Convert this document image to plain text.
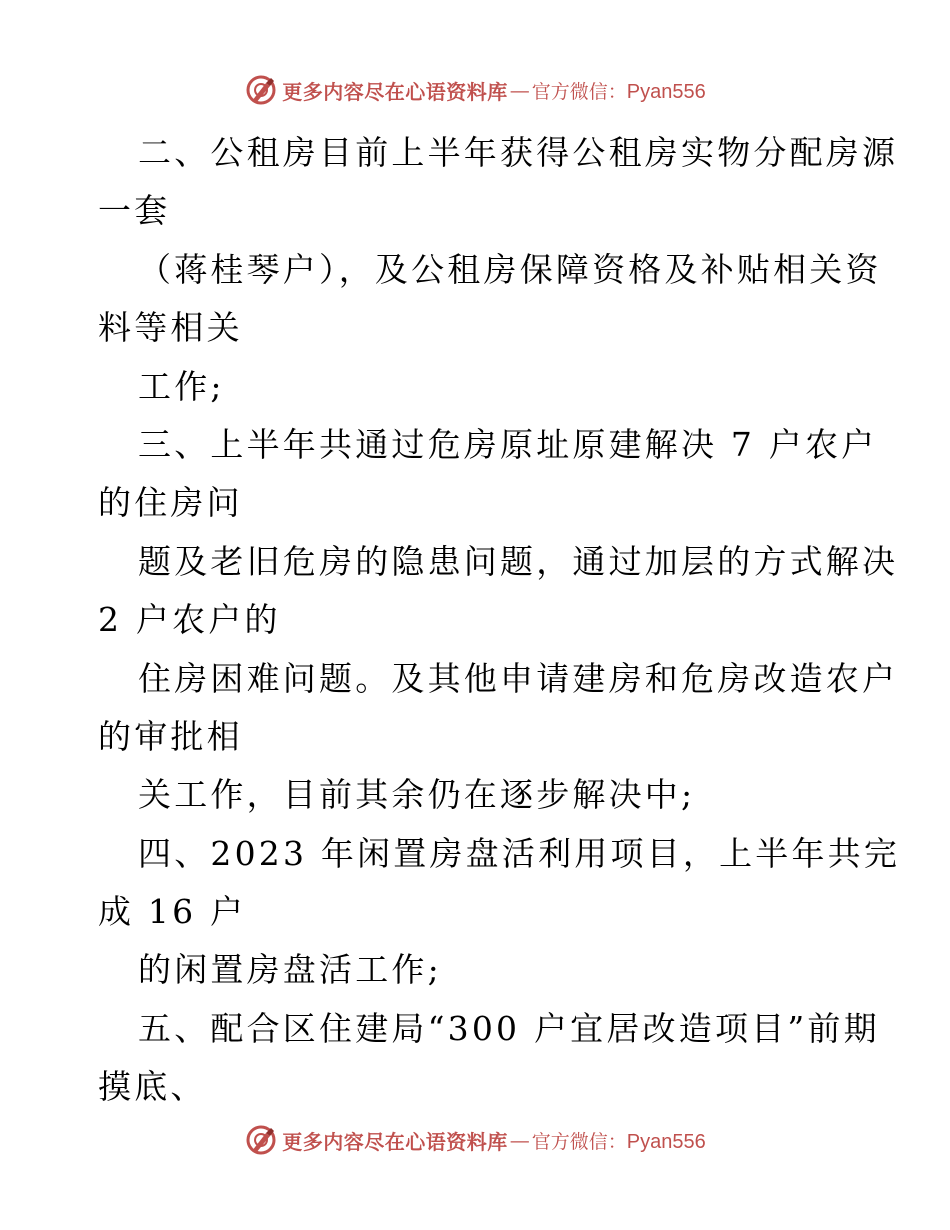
更多内容尽在心语资料库 — 官方微信：Pyan556
二、公租房目前上半年获得公租房实物分配房源
一套
（蒋桂琴户），及公租房保障资格及补贴相关资
料等相关
工作;
三、上半年共通过危房原址原建解决 7 户农户
的住房问
题及老旧危房的隐患问题，通过加层的方式解决
2 户农户的
住房困难问题。及其他申请建房和危房改造农户
的审批相
关工作，目前其余仍在逐步解决中;
四、2023 年闲置房盘活利用项目，上半年共完
成 16 户
的闲置房盘活工作;
五、配合区住建局“300 户宜居改造项目”前期
摸底、
更多内容尽在心语资料库 — 官方微信：Pyan556
